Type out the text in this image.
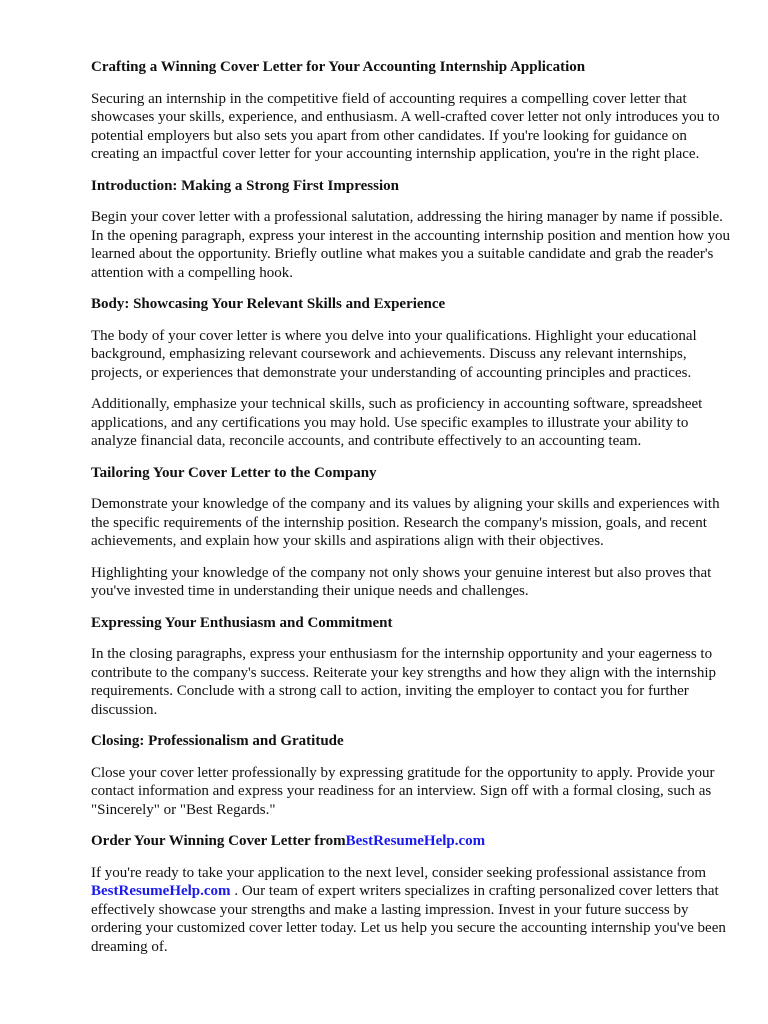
Crafting a Winning Cover Letter for Your Accounting Internship Application

Securing an internship in the competitive field of accounting requires a compelling cover letter that showcases your skills, experience, and enthusiasm. A well-crafted cover letter not only introduces you to potential employers but also sets you apart from other candidates. If you're looking for guidance on creating an impactful cover letter for your accounting internship application, you're in the right place.

Introduction: Making a Strong First Impression

Begin your cover letter with a professional salutation, addressing the hiring manager by name if possible. In the opening paragraph, express your interest in the accounting internship position and mention how you learned about the opportunity. Briefly outline what makes you a suitable candidate and grab the reader's attention with a compelling hook.

Body: Showcasing Your Relevant Skills and Experience

The body of your cover letter is where you delve into your qualifications. Highlight your educational background, emphasizing relevant coursework and achievements. Discuss any relevant internships, projects, or experiences that demonstrate your understanding of accounting principles and practices.

Additionally, emphasize your technical skills, such as proficiency in accounting software, spreadsheet applications, and any certifications you may hold. Use specific examples to illustrate your ability to analyze financial data, reconcile accounts, and contribute effectively to an accounting team.

Tailoring Your Cover Letter to the Company

Demonstrate your knowledge of the company and its values by aligning your skills and experiences with the specific requirements of the internship position. Research the company's mission, goals, and recent achievements, and explain how your skills and aspirations align with their objectives.

Highlighting your knowledge of the company not only shows your genuine interest but also proves that you've invested time in understanding their unique needs and challenges.

Expressing Your Enthusiasm and Commitment

In the closing paragraphs, express your enthusiasm for the internship opportunity and your eagerness to contribute to the company's success. Reiterate your key strengths and how they align with the internship requirements. Conclude with a strong call to action, inviting the employer to contact you for further discussion.

Closing: Professionalism and Gratitude

Close your cover letter professionally by expressing gratitude for the opportunity to apply. Provide your contact information and express your readiness for an interview. Sign off with a formal closing, such as "Sincerely" or "Best Regards."

Order Your Winning Cover Letter fromBestResumeHelp.com

If you're ready to take your application to the next level, consider seeking professional assistance from BestResumeHelp.com . Our team of expert writers specializes in crafting personalized cover letters that effectively showcase your strengths and make a lasting impression. Invest in your future success by ordering your customized cover letter today. Let us help you secure the accounting internship you've been dreaming of.
